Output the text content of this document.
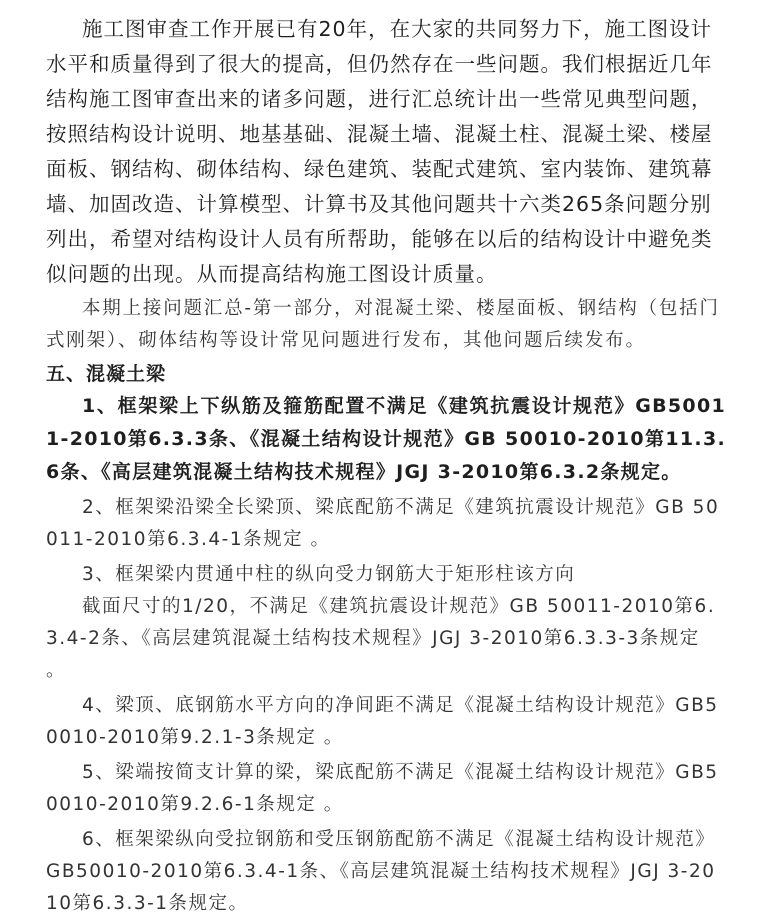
施工图审查工作开展已有20年，在大家的共同努力下，施工图设计水平和质量得到了很大的提高，但仍然存在一些问题。我们根据近几年结构施工图审查出来的诸多问题，进行汇总统计出一些常见典型问题，按照结构设计说明、地基基础、混凝土墙、混凝土柱、混凝土梁、楼屋面板、钢结构、砌体结构、绿色建筑、装配式建筑、室内装饰、建筑幕墙、加固改造、计算模型、计算书及其他问题共十六类265条问题分别列出，希望对结构设计人员有所帮助，能够在以后的结构设计中避免类似问题的出现。从而提高结构施工图设计质量。

本期上接问题汇总-第一部分，对混凝土梁、楼屋面板、钢结构（包括门式刚架）、砌体结构等设计常见问题进行发布，其他问题后续发布。

五、混凝土梁

1、框架梁上下纵筋及箍筋配置不满足《建筑抗震设计规范》GB50011-2010第6.3.3条、《混凝土结构设计规范》GB 50010-2010第11.3.6条、《高层建筑混凝土结构技术规程》JGJ 3-2010第6.3.2条规定。

2、框架梁沿梁全长梁顶、梁底配筋不满足《建筑抗震设计规范》GB 50011-2010第6.3.4-1条规定 。

3、框架梁内贯通中柱的纵向受力钢筋大于矩形柱该方向

截面尺寸的1/20，不满足《建筑抗震设计规范》GB 50011-2010第6.3.4-2条、《高层建筑混凝土结构技术规程》JGJ 3-2010第6.3.3-3条规定 。

4、梁顶、底钢筋水平方向的净间距不满足《混凝土结构设计规范》GB50010-2010第9.2.1-3条规定 。

5、梁端按简支计算的梁，梁底配筋不满足《混凝土结构设计规范》GB50010-2010第9.2.6-1条规定 。

6、框架梁纵向受拉钢筋和受压钢筋配筋不满足《混凝土结构设计规范》GB50010-2010第6.3.4-1条、《高层建筑混凝土结构技术规程》JGJ 3-2010第6.3.3-1条规定。
